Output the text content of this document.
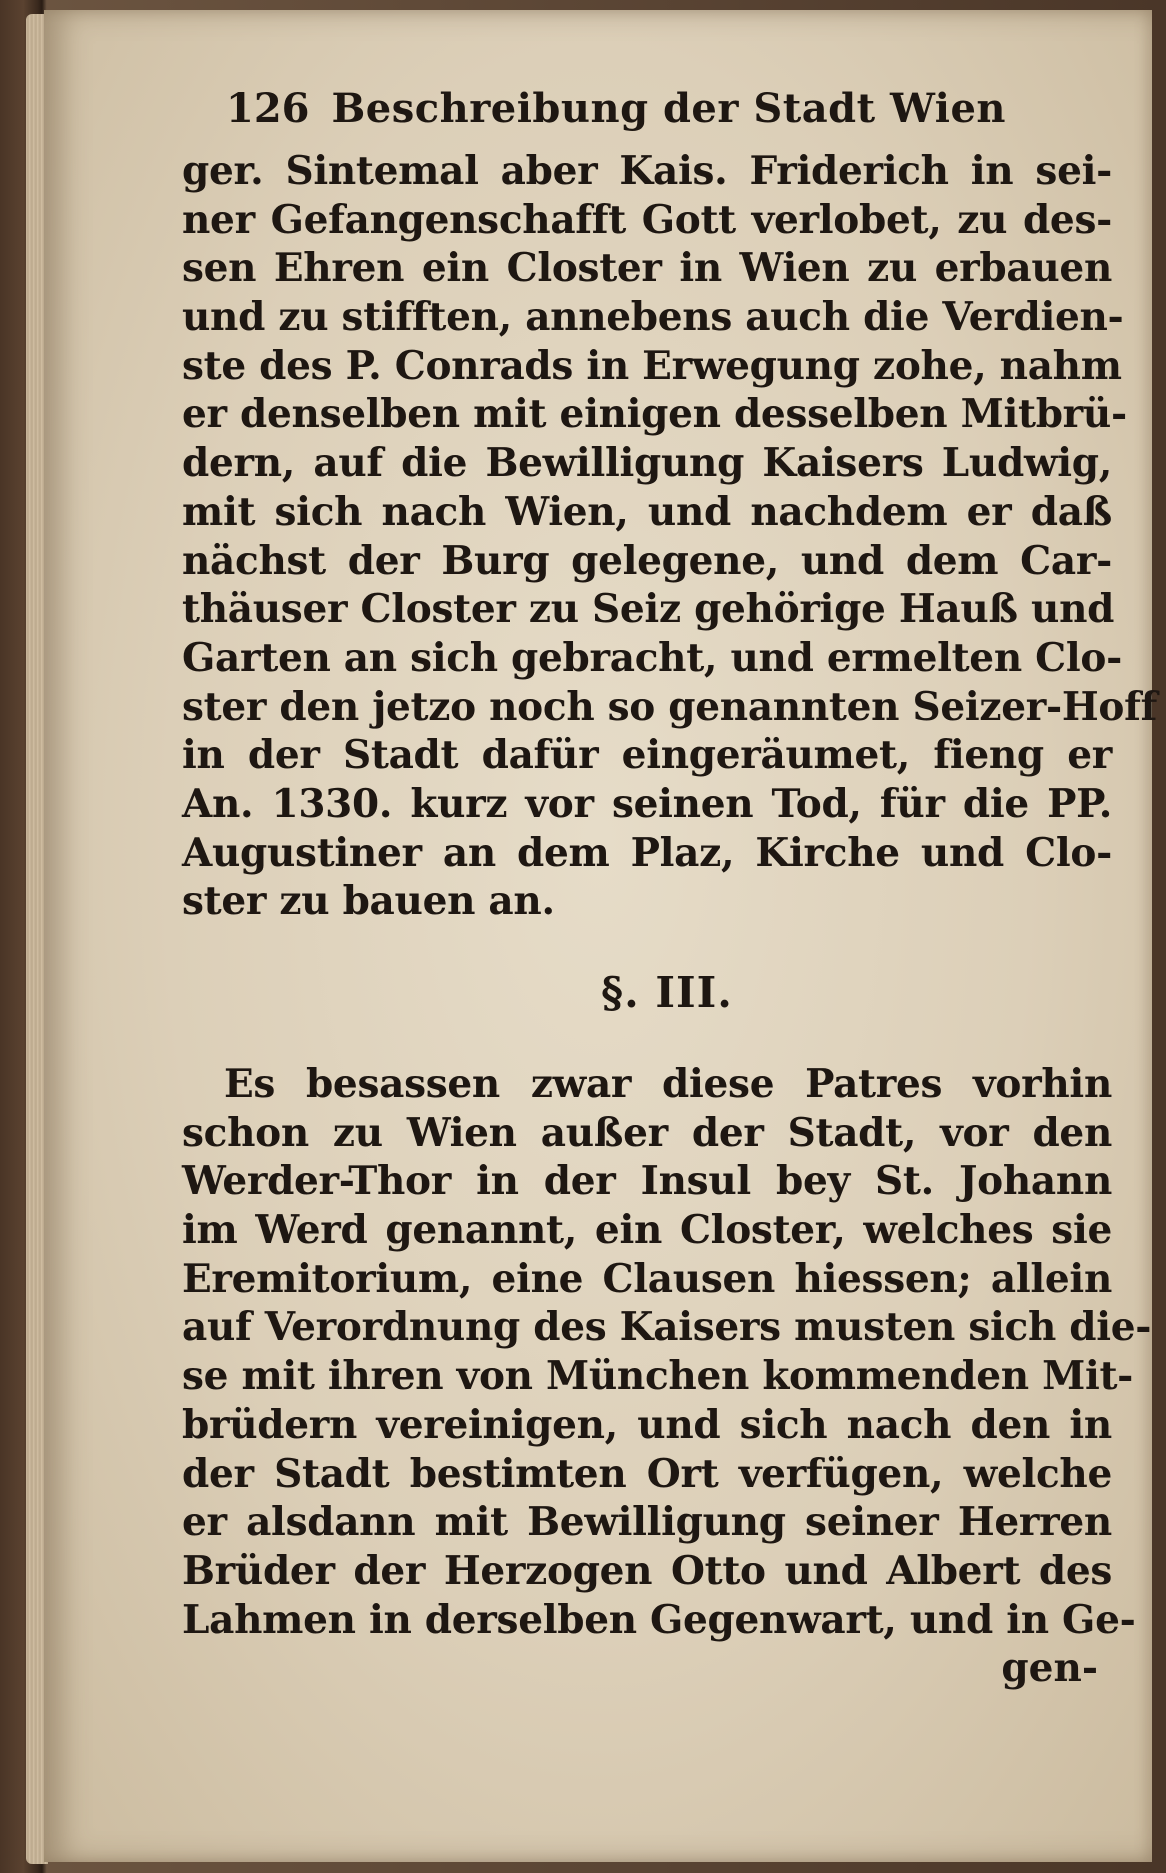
126 Beschreibung der Stadt Wien
ger. Sintemal aber Kais. Friderich in sei-
ner Gefangenschafft Gott verlobet, zu des-
sen Ehren ein Closter in Wien zu erbauen
und zu stifften, annebens auch die Verdien-
ste des P. Conrads in Erwegung zohe, nahm
er denselben mit einigen desselben Mitbrü-
dern, auf die Bewilligung Kaisers Ludwig,
mit sich nach Wien, und nachdem er daß
nächst der Burg gelegene, und dem Car-
thäuser Closter zu Seiz gehörige Hauß und
Garten an sich gebracht, und ermelten Clo-
ster den jetzo noch so genannten Seizer-Hoff
in der Stadt dafür eingeräumet, fieng er
An. 1330. kurz vor seinen Tod, für die PP.
Augustiner an dem Plaz, Kirche und Clo-
ster zu bauen an.
§. III.
Es besassen zwar diese Patres vorhin
schon zu Wien außer der Stadt, vor den
Werder-Thor in der Insul bey St. Johann
im Werd genannt, ein Closter, welches sie
Eremitorium, eine Clausen hiessen; allein
auf Verordnung des Kaisers musten sich die-
se mit ihren von München kommenden Mit-
brüdern vereinigen, und sich nach den in
der Stadt bestimten Ort verfügen, welche
er alsdann mit Bewilligung seiner Herren
Brüder der Herzogen Otto und Albert des
Lahmen in derselben Gegenwart, und in Ge-
gen-
